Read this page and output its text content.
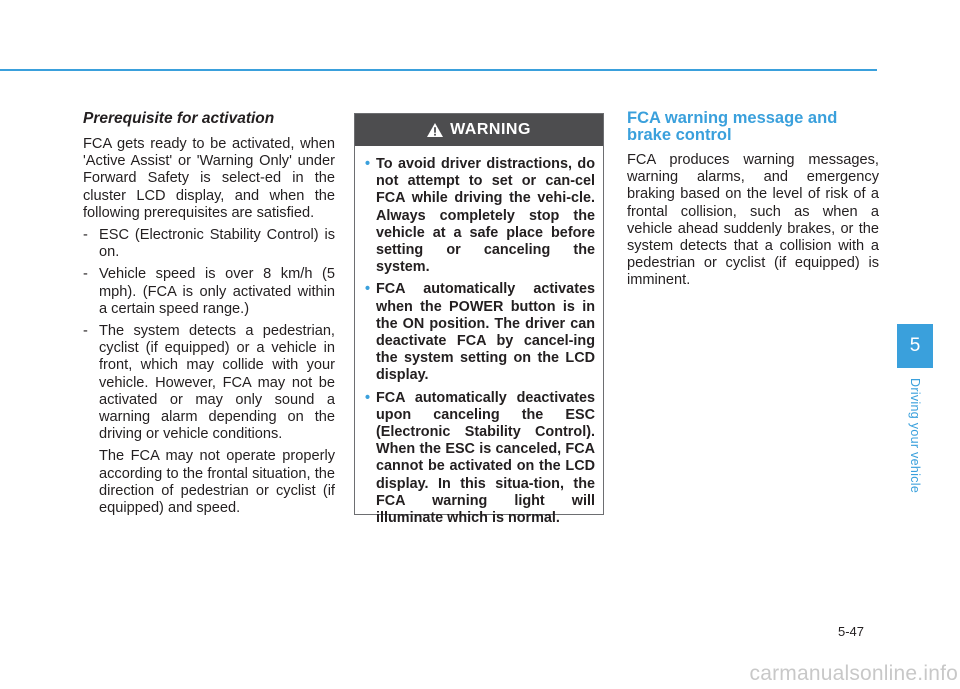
Prerequisite for activation

FCA gets ready to be activated, when 'Active Assist' or 'Warning Only' under Forward Safety is select-ed in the cluster LCD display, and when the following prerequisites are satisfied.

- ESC (Electronic Stability Control) is on.
- Vehicle speed is over 8 km/h (5 mph). (FCA is only activated within a certain speed range.)
- The system detects a pedestrian, cyclist (if equipped) or a vehicle in front, which may collide with your vehicle. However, FCA may not be activated or may only sound a warning alarm depending on the driving or vehicle conditions.

The FCA may not operate properly according to the frontal situation, the direction of pedestrian or cyclist (if equipped) and speed.

WARNING
• To avoid driver distractions, do not attempt to set or can-cel FCA while driving the vehi-cle. Always completely stop the vehicle at a safe place before setting or canceling the system.
• FCA automatically activates when the POWER button is in the ON position. The driver can deactivate FCA by cancel-ing the system setting on the LCD display.
• FCA automatically deactivates upon canceling the ESC (Electronic Stability Control). When the ESC is canceled, FCA cannot be activated on the LCD display. In this situa-tion, the FCA warning light will illuminate which is normal.
FCA warning message and brake control

FCA produces warning messages, warning alarms, and emergency braking based on the level of risk of a frontal collision, such as when a vehicle ahead suddenly brakes, or the system detects that a collision with a pedestrian or cyclist (if equipped) is imminent.

5
Driving your vehicle
5-47
carmanualsonline.info
